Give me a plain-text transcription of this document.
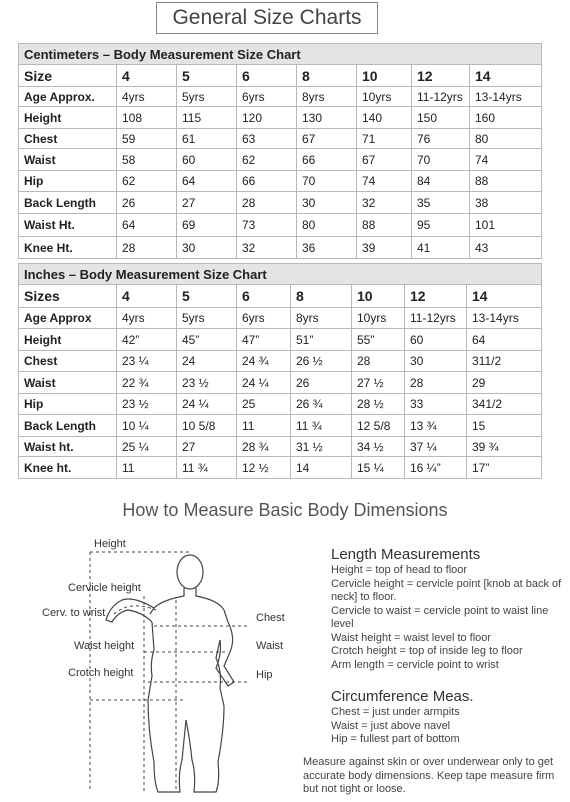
General Size Charts
Centimeters – Body Measurement Size Chart							
Size	4	5	6	8	10	12	14
Age Approx.	4yrs	5yrs	6yrs	8yrs	10yrs	11-12yrs	13-14yrs
Height	108	115	120	130	140	150	160
Chest	59	61	63	67	71	76	80
Waist	58	60	62	66	67	70	74
Hip	62	64	66	70	74	84	88
Back Length	26	27	28	30	32	35	38
Waist Ht.	64	69	73	80	88	95	101
Knee Ht.	28	30	32	36	39	41	43
Inches – Body Measurement Size Chart							
Sizes	4	5	6	8	10	12	14
Age Approx	4yrs	5yrs	6yrs	8yrs	10yrs	11-12yrs	13-14yrs
Height	42”	45”	47”	51”	55”	60	64
Chest	23 ¼	24	24 ¾	26 ½	28	30	311/2
Waist	22 ¾	23 ½	24 ¼	26	27 ½	28	29
Hip	23 ½	24 ¼	25	26 ¾	28 ½	33	341/2
Back Length	10 ¼	10 5/8	11	11 ¾	12 5/8	13 ¾	15
Waist ht.	25 ¼	27	28 ¾	31 ½	34 ½	37 ¼	39 ¾
Knee ht.	11	11 ¾	12 ½	14	15 ¼	16 ¼”	17”
How to Measure Basic Body Dimensions
Height
Cervicle height
Cerv. to wrist
Waist height
Crotch height
Chest
Waist
Hip
Length Measurements

Height = top of head to floor

Cervicle height = cervicle point [knob at back of neck] to floor.

Cervicle to waist = cervicle point to waist line level

Waist height = waist level to floor

Crotch height = top of inside leg to floor

Arm length = cervicle point to wrist

Circumference Meas.

Chest = just under armpits

Waist = just above navel

Hip = fullest part of bottom

Measure against skin or over underwear only to get accurate body dimensions. Keep tape measure firm but not tight or loose.
